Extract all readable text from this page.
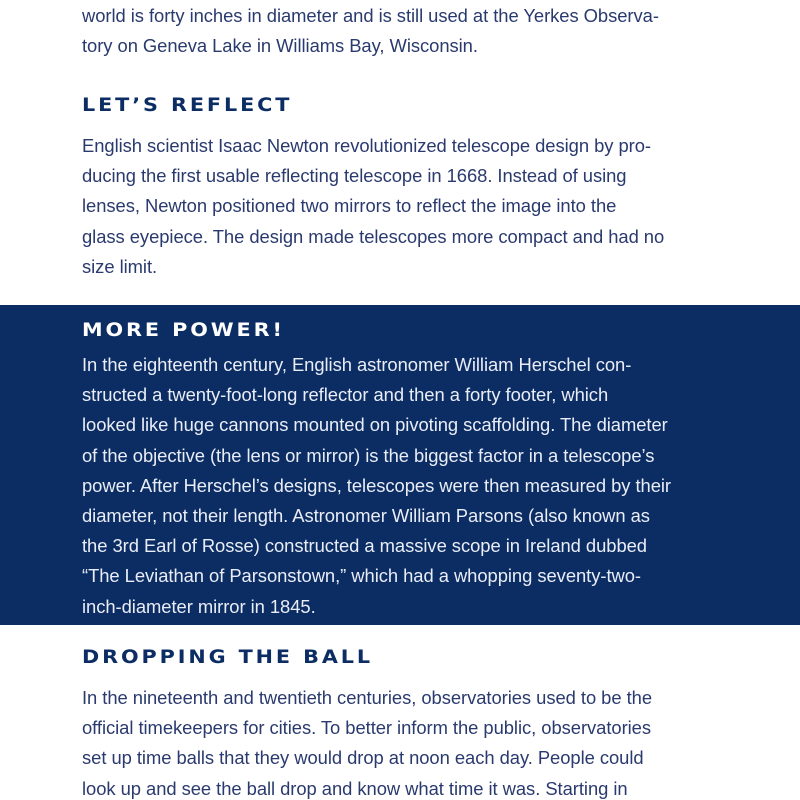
world is forty inches in diameter and is still used at the Yerkes Observa-
tory on Geneva Lake in Williams Bay, Wisconsin.

LET’S REFLECT

English scientist Isaac Newton revolutionized telescope design by pro-
ducing the first usable reflecting telescope in 1668. Instead of using
lenses, Newton positioned two mirrors to reflect the image into the
glass eyepiece. The design made telescopes more compact and had no
size limit.

MORE POWER!

In the eighteenth century, English astronomer William Herschel con-
structed a twenty-foot-long reflector and then a forty footer, which
looked like huge cannons mounted on pivoting scaffolding. The diameter
of the objective (the lens or mirror) is the biggest factor in a telescope’s
power. After Herschel’s designs, telescopes were then measured by their
diameter, not their length. Astronomer William Parsons (also known as
the 3rd Earl of Rosse) constructed a massive scope in Ireland dubbed
“The Leviathan of Parsonstown,” which had a whopping seventy-two-
inch-diameter mirror in 1845.

DROPPING THE BALL

In the nineteenth and twentieth centuries, observatories used to be the
official timekeepers for cities. To better inform the public, observatories
set up time balls that they would drop at noon each day. People could
look up and see the ball drop and know what time it was. Starting in
